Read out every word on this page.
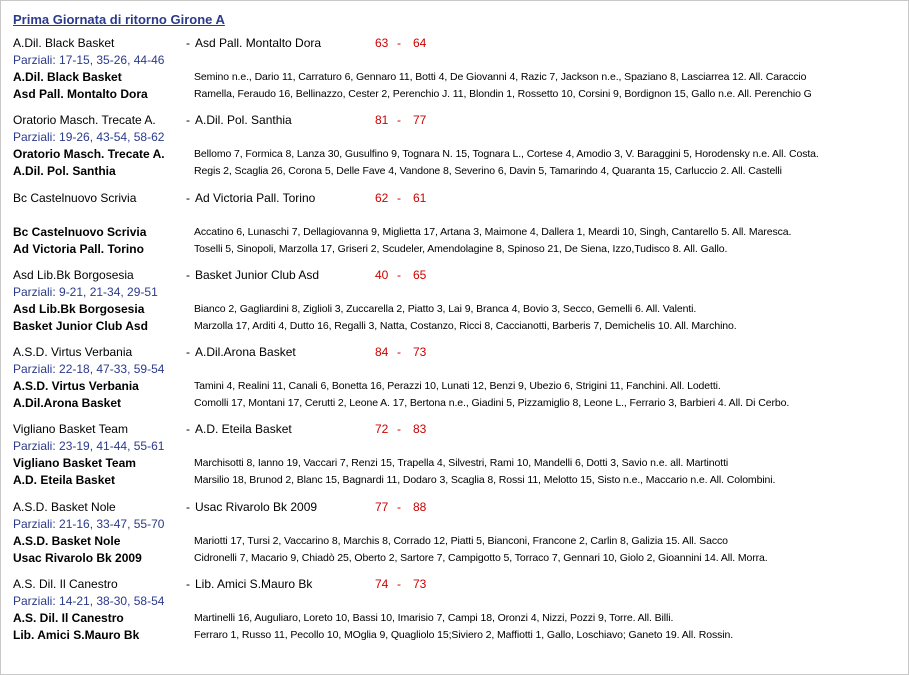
Prima Giornata di ritorno Girone A
A.Dil. Black Basket	- Asd Pall. Montalto Dora	63 - 64
Parziali: 17-15, 35-26, 44-46
A.Dil. Black Basket	Semino n.e., Dario 11, Carraturo 6, Gennaro 11, Botti 4, De Giovanni 4, Razic 7, Jackson n.e., Spaziano 8, Lasciarrea 12. All. Caraccio
Asd Pall. Montalto Dora	Ramella, Feraudo 16, Bellinazzo, Cester 2, Perenchio J. 11, Blondin 1, Rossetto 10, Corsini 9, Bordignon 15, Gallo n.e. All. Perenchio G
Oratorio Masch. Trecate A.	- A.Dil. Pol. Santhia	81 - 77
Parziali: 19-26, 43-54, 58-62
Oratorio Masch. Trecate A.	Bellomo 7, Formica 8, Lanza 30, Gusulfino 9, Tognara N. 15, Tognara L., Cortese 4, Amodio 3, V. Baraggini 5, Horodensky n.e. All. Costa.
A.Dil. Pol. Santhia	Regis 2, Scaglia 26, Corona 5, Delle Fave 4, Vandone 8, Severino 6, Davin 5, Tamarindo 4, Quaranta 15, Carluccio 2. All. Castelli
Bc Castelnuovo Scrivia	- Ad Victoria Pall. Torino	62 - 61
Bc Castelnuovo Scrivia	Accatino 6, Lunaschi 7, Dellagiovanna 9, Miglietta 17, Artana 3, Maimone 4, Dallera 1, Meardi 10, Singh, Cantarello 5. All. Maresca.
Ad Victoria Pall. Torino	Toselli 5, Sinopoli, Marzolla 17, Griseri 2, Scudeler, Amendolagine 8, Spinoso 21, De Siena, Izzo,Tudisco 8. All. Gallo.
Asd Lib.Bk Borgosesia	- Basket Junior Club Asd	40 - 65
Parziali: 9-21, 21-34, 29-51
Asd Lib.Bk Borgosesia	Bianco 2, Gagliardini 8, Ziglioli 3, Zuccarella 2, Piatto 3, Lai 9, Branca 4, Bovio 3, Secco, Gemelli 6. All. Valenti.
Basket Junior Club Asd	Marzolla 17, Arditi 4, Dutto 16, Regalli 3, Natta, Costanzo, Ricci 8, Caccianotti, Barberis 7, Demichelis 10. All. Marchino.
A.S.D. Virtus Verbania	- A.Dil.Arona Basket	84 - 73
Parziali: 22-18, 47-33, 59-54
A.S.D. Virtus Verbania	Tamini 4, Realini 11, Canali 6, Bonetta 16, Perazzi 10, Lunati 12, Benzi 9, Ubezio 6, Strigini 11, Fanchini. All. Lodetti.
A.Dil.Arona Basket	Comolli 17, Montani 17, Cerutti 2, Leone A. 17, Bertona n.e., Giadini 5, Pizzamiglio 8, Leone L., Ferrario 3, Barbieri 4. All. Di Cerbo.
Vigliano Basket Team	- A.D. Eteila Basket	72 - 83
Parziali: 23-19, 41-44, 55-61
Vigliano Basket Team	Marchisotti 8, Ianno 19, Vaccari 7, Renzi 15, Trapella 4, Silvestri, Rami 10, Mandelli 6, Dotti 3, Savio n.e. all. Martinotti
A.D. Eteila Basket	Marsilio 18, Brunod 2, Blanc 15, Bagnardi 11, Dodaro 3, Scaglia 8, Rossi 11, Melotto 15, Sisto n.e., Maccario n.e. All. Colombini.
A.S.D. Basket Nole	- Usac Rivarolo Bk 2009	77 - 88
Parziali: 21-16, 33-47, 55-70
A.S.D. Basket Nole	Mariotti 17, Tursi 2, Vaccarino 8, Marchis 8, Corrado 12, Piatti 5, Bianconi, Francone 2, Carlin 8, Galizia 15. All. Sacco
Usac Rivarolo Bk 2009	Cidronelli 7, Macario 9, Chiadò 25, Oberto 2, Sartore 7, Campigotto 5, Torraco 7, Gennari 10, Giolo 2, Gioannini 14. All. Morra.
A.S. Dil. Il Canestro	- Lib. Amici S.Mauro Bk	74 - 73
Parziali: 14-21, 38-30, 58-54
A.S. Dil. Il Canestro	Martinelli 16, Auguliaro, Loreto 10, Bassi 10, Imarisio 7, Campi 18, Oronzi 4, Nizzi, Pozzi 9, Torre. All. Billi.
Lib. Amici S.Mauro Bk	Ferraro 1, Russo 11, Pecollo 10, MOglia 9, Quagliolo 15;Siviero 2, Maffiotti 1, Gallo, Loschiavo; Ganeto 19. All. Rossin.
